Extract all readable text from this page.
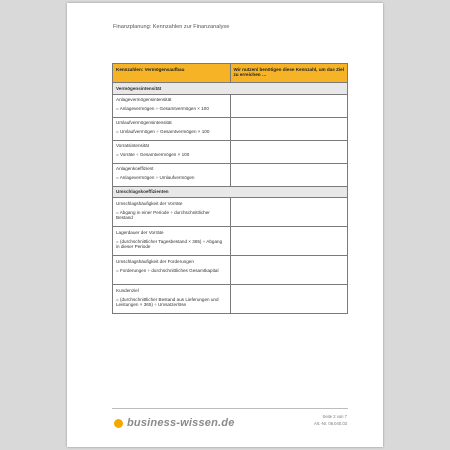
Finanzplanung: Kennzahlen zur Finanzanalyse
Kennzahlen: Vermögensaufbau	Wir nutzen/ benötigen diese Kennzahl, um das Ziel zu erreichen …
Vermögensintensität	

Anlagevermögensintensität
= Anlagevermögen ÷ Gesamtvermögen × 100	

Umlaufvermögensintensität
= Umlaufvermögen ÷ Gesamtvermögen × 100	

Vorratsintensität
= Vorräte ÷ Gesamtvermögen × 100	

Anlagenkoeffizient
= Anlagevermögen ÷ Umlaufvermögen	

Umschlagskoeffizienten	

Umschlagshäufigkeit der Vorräte
= Abgang in einer Periode ÷ durchschnittlicher Bestand	

Lagerdauer der Vorräte
= (durchschnittlicher Tagesbestand × 365) ÷ Abgang in dieser Periode	

Umschlagshäufigkeit der Forderungen
= Forderungen ÷ durchschnittliches Gesamtkapital	

Kundenziel
= (durchschnittlicher Bestand aus Lieferungen und Leistungen × 365) ÷ Umsatzerlöse	

business-wissen.de
Seite 2 von 7
Art.-Nr. 06.040.03
